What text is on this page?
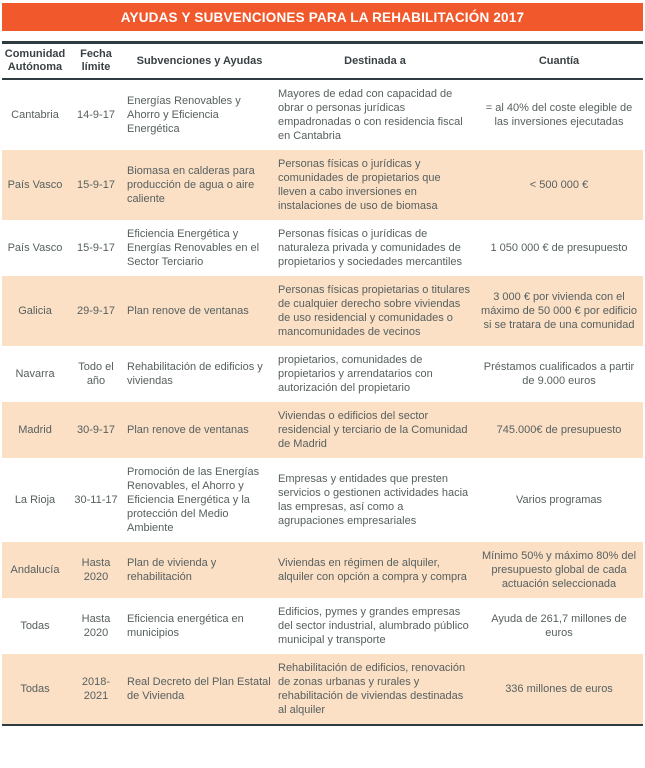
AYUDAS Y SUBVENCIONES PARA LA REHABILITACIÓN 2017
Comunidad Autónoma	Fecha límite	Subvenciones y Ayudas	Destinada a	Cuantía
Cantabria	14-9-17	Energías Renovables y Ahorro y Eficiencia Energética	Mayores de edad con capacidad de obrar o personas jurídicas empadronadas o con residencia fiscal en Cantabria	= al 40% del coste elegible de las inversiones ejecutadas
País Vasco	15-9-17	Biomasa en calderas para producción de agua o aire caliente	Personas físicas o jurídicas y comunidades de propietarios que lleven a cabo inversiones en instalaciones de uso de biomasa	< 500 000 €
País Vasco	15-9-17	Eficiencia Energética y Energías Renovables en el Sector Terciario	Personas físicas o jurídicas de naturaleza privada y comunidades de propietarios y sociedades mercantiles	1 050 000 € de presupuesto
Galicia	29-9-17	Plan renove de ventanas	Personas físicas propietarias o titulares de cualquier derecho sobre viviendas de uso residencial y comunidades o mancomunidades de vecinos	3 000 € por vivienda con el máximo de 50 000 € por edificio si se tratara de una comunidad
Navarra	Todo el año	Rehabilitación de edificios y viviendas	propietarios, comunidades de propietarios y arrendatarios con autorización del propietario	Préstamos cualificados a partir de 9.000 euros
Madrid	30-9-17	Plan renove de ventanas	Viviendas o edificios del sector residencial y terciario de la Comunidad de Madrid	745.000€ de presupuesto
La Rioja	30-11-17	Promoción de las Energías Renovables, el Ahorro y Eficiencia Energética y la protección del Medio Ambiente	Empresas y entidades que presten servicios o gestionen actividades hacia las empresas, así como a agrupaciones empresariales	Varios programas
Andalucía	Hasta 2020	Plan de vivienda y rehabilitación	Viviendas en régimen de alquiler, alquiler con opción a compra y compra	Mínimo 50% y máximo 80% del presupuesto global de cada actuación seleccionada
Todas	Hasta 2020	Eficiencia energética en municipios	Edificios, pymes y grandes empresas del sector industrial, alumbrado público municipal y transporte	Ayuda de 261,7 millones de euros
Todas	2018-2021	Real Decreto del Plan Estatal de Vivienda	Rehabilitación de edificios, renovación de zonas urbanas y rurales y rehabilitación de viviendas destinadas al alquiler	336 millones de euros
